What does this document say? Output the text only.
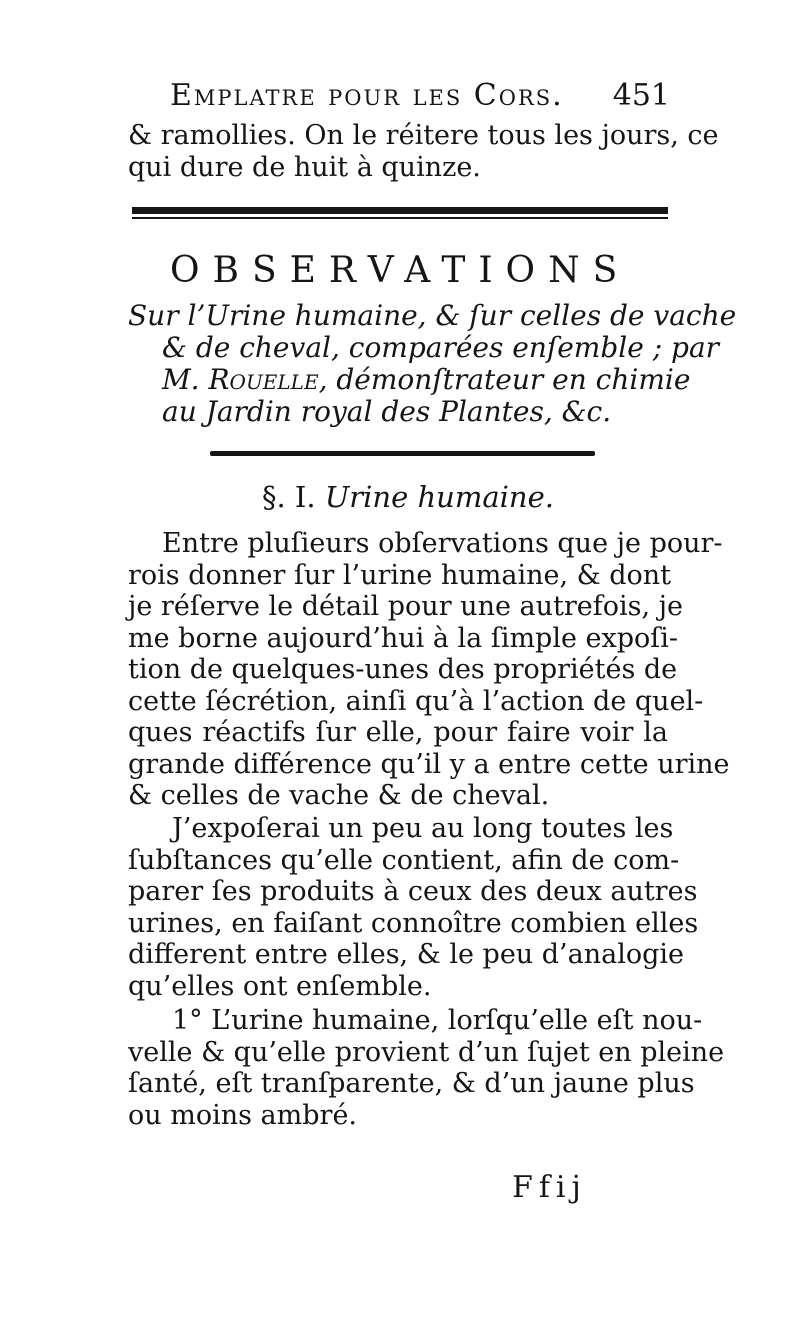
Emplatre pour les Cors. 451
& ramollies. On le réitere tous les jours, ce
qui dure de huit à quinze.
OBSERVATIONS
Sur l’Urine humaine, & ſur celles de vache
& de cheval, comparées enſemble ; par
M. Rouelle, démonſtrateur en chimie
au Jardin royal des Plantes, &c.
§. I. Urine humaine.
Entre pluſieurs obſervations que je pour-
rois donner ſur l’urine humaine, & dont
je réſerve le détail pour une autrefois, je
me borne aujourd’hui à la ſimple expoſi-
tion de quelques-unes des propriétés de
cette ſécrétion, ainſi qu’à l’action de quel-
ques réactifs ſur elle, pour faire voir la
grande différence qu’il y a entre cette urine
& celles de vache & de cheval.
J’expoſerai un peu au long toutes les
ſubſtances qu’elle contient, afin de com-
parer ſes produits à ceux des deux autres
urines, en faiſant connoître combien elles
different entre elles, & le peu d’analogie
qu’elles ont enſemble.
1° L’urine humaine, lorſqu’elle eſt nou-
velle & qu’elle provient d’un ſujet en pleine
ſanté, eſt tranſparente, & d’un jaune plus
ou moins ambré.
Ffij
